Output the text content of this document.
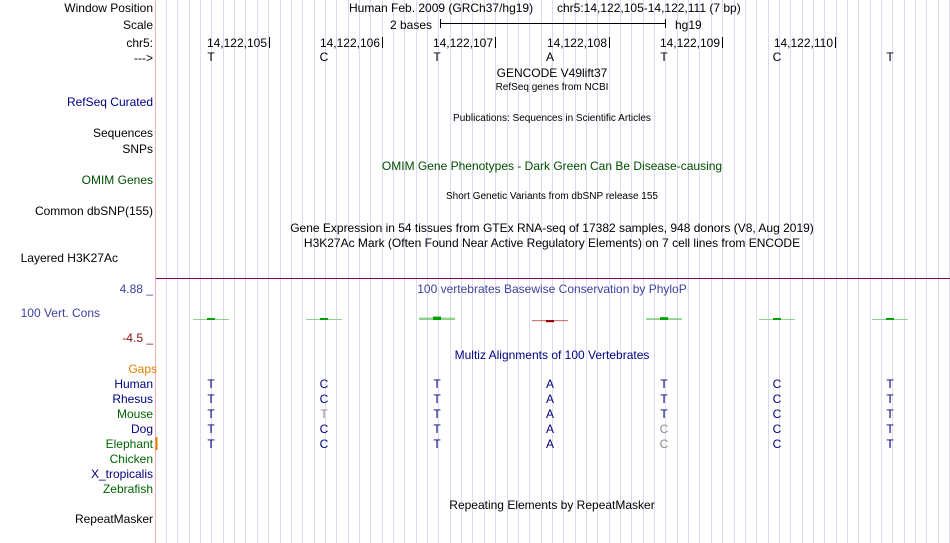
Window Position
Scale
chr5:
--->
RefSeq Curated
Sequences
SNPs
OMIM Genes
Common dbSNP(155)
Layered H3K27Ac
4.88 _
100 Vert. Cons
-4.5 _
Gaps
Human
Rhesus
Mouse
Dog
Elephant
Chicken
X_tropicalis
Zebrafish
RepeatMasker
Human Feb. 2009 (GRCh37/hg19) chr5:14,122,105-14,122,111 (7 bp)
2 bases	hg19
14,122,105	14,122,106	14,122,107	14,122,108	14,122,109	14,122,110
T	C	T	A	T	C	T
GENCODE V49lift37
RefSeq genes from NCBI
Publications: Sequences in Scientific Articles
OMIM Gene Phenotypes - Dark Green Can Be Disease-causing
Short Genetic Variants from dbSNP release 155
Gene Expression in 54 tissues from GTEx RNA-seq of 17382 samples, 948 donors (V8, Aug 2019)
H3K27Ac Mark (Often Found Near Active Regulatory Elements) on 7 cell lines from ENCODE
100 vertebrates Basewise Conservation by PhyloP
Multiz Alignments of 100 Vertebrates
Repeating Elements by RepeatMasker
T	C	T	A	T	C	T
T	C	T	A	T	C	T
T	T	T	A	T	C	T
T	C	T	A	C	C	T
T	C	T	A	C	C	T
